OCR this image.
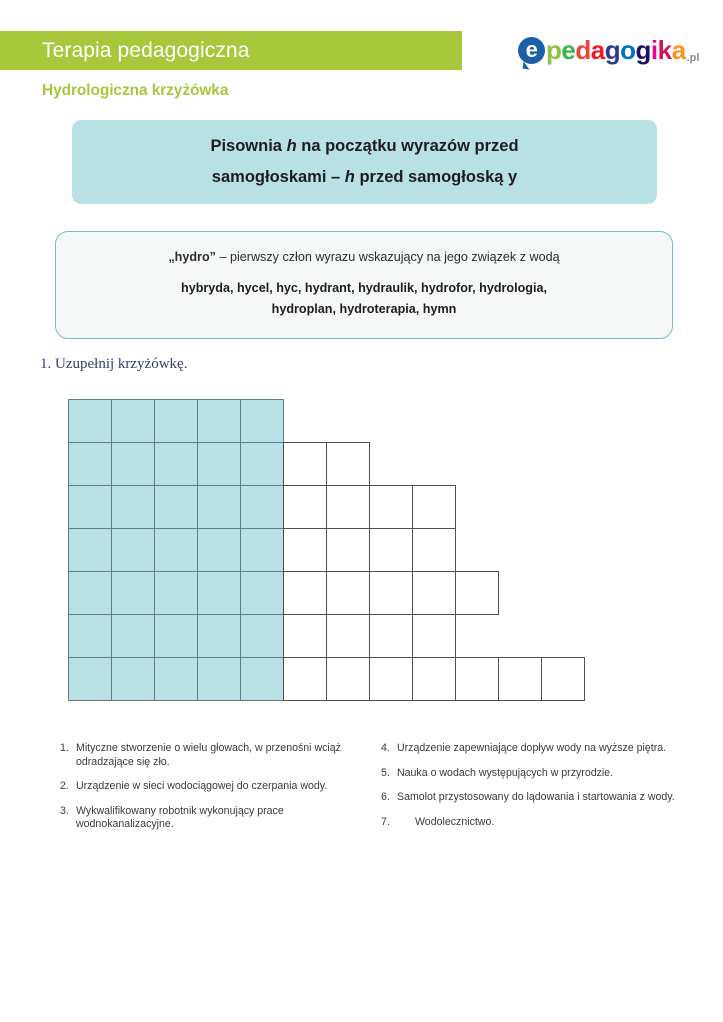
Terapia pedagogiczna	e pedagogika .pl
Hydrologiczna krzyżówka
Pisownia h na początku wyrazów przed
samogłoskami – h przed samogłoską y
„hydro” – pierwszy człon wyrazu wskazujący na jego związek z wodą
hybryda, hycel, hyc, hydrant, hydraulik, hydrofor, hydrologia,
hydroplan, hydroterapia, hymn
1. Uzupełnij krzyżówkę.
1. Mityczne stworzenie o wielu głowach, w przenośni wciąż odradzające się zło.
2. Urządzenie w sieci wodociągowej do czerpania wody.
3. Wykwalifikowany robotnik wykonujący prace wodnokanalizacyjne.
4. Urządzenie zapewniające dopływ wody na wyższe piętra.
5. Nauka o wodach występujących w przyrodzie.
6. Samolot przystosowany do lądowania i startowania z wody.
7.	Wodolecznictwo.
